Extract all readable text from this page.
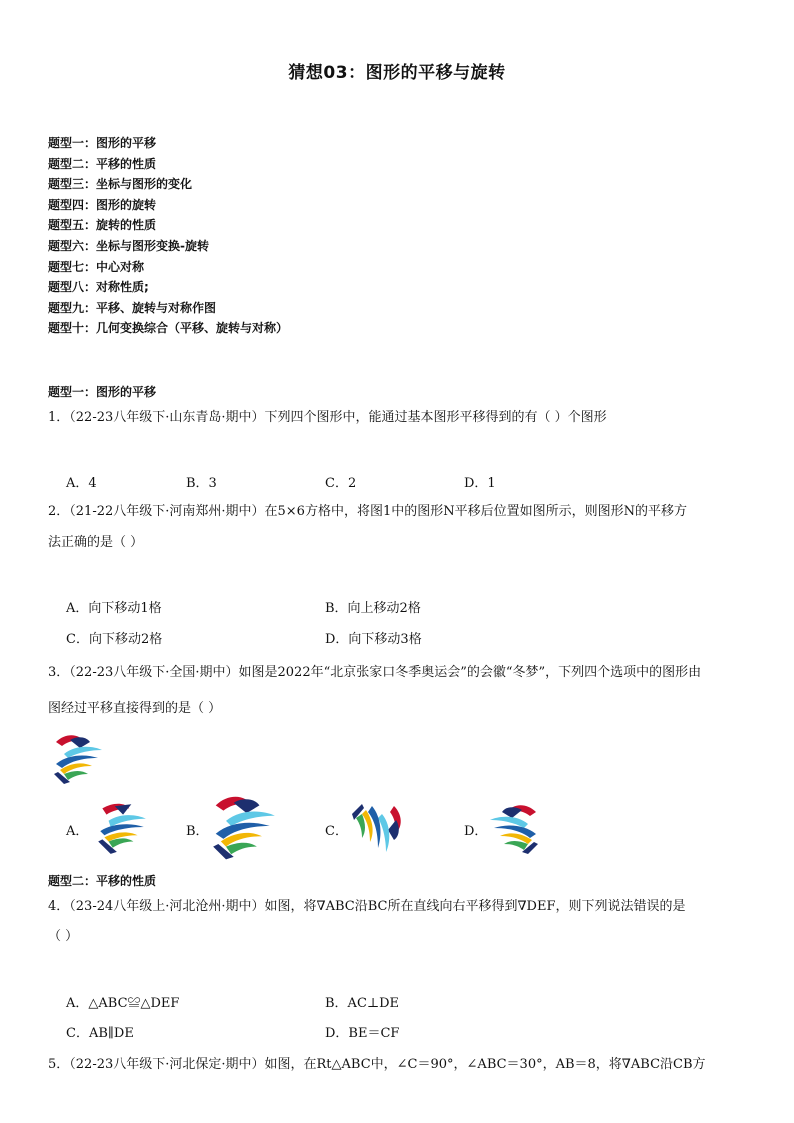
猜想03：图形的平移与旋转
题型一：图形的平移
题型二：平移的性质
题型三：坐标与图形的变化
题型四：图形的旋转
题型五：旋转的性质
题型六：坐标与图形变换-旋转
题型七：中心对称
题型八：对称性质;
题型九：平移、旋转与对称作图
题型十：几何变换综合（平移、旋转与对称）
题型一：图形的平移
1．（22-23八年级下·山东青岛·期中）下列四个图形中，能通过基本图形平移得到的有（ ）个图形
A．4	B．3	C．2	D．1
2．（21-22八年级下·河南郑州·期中）在5×6方格中，将图1中的图形N平移后位置如图所示，则图形N的平移方
法正确的是（ ）
A．向下移动1格	B．向上移动2格
C．向下移动2格	D．向下移动3格
3．（22-23八年级下·全国·期中）如图是2022年“北京张家口冬季奥运会”的会徽“冬梦”，下列四个选项中的图形由
图经过平移直接得到的是（ ）
A．	B．	C．	D．
题型二：平移的性质
4．（23-24八年级上·河北沧州·期中）如图，将∇ABC沿BC所在直线向右平移得到∇DEF，则下列说法错误的是
（ ）
A．△ABC≌△DEF	B．AC⊥DE
C．AB∥DE	D．BE＝CF
5．（22-23八年级下·河北保定·期中）如图，在Rt△ABC中，∠C＝90°，∠ABC＝30°，AB＝8，将∇ABC沿CB方
